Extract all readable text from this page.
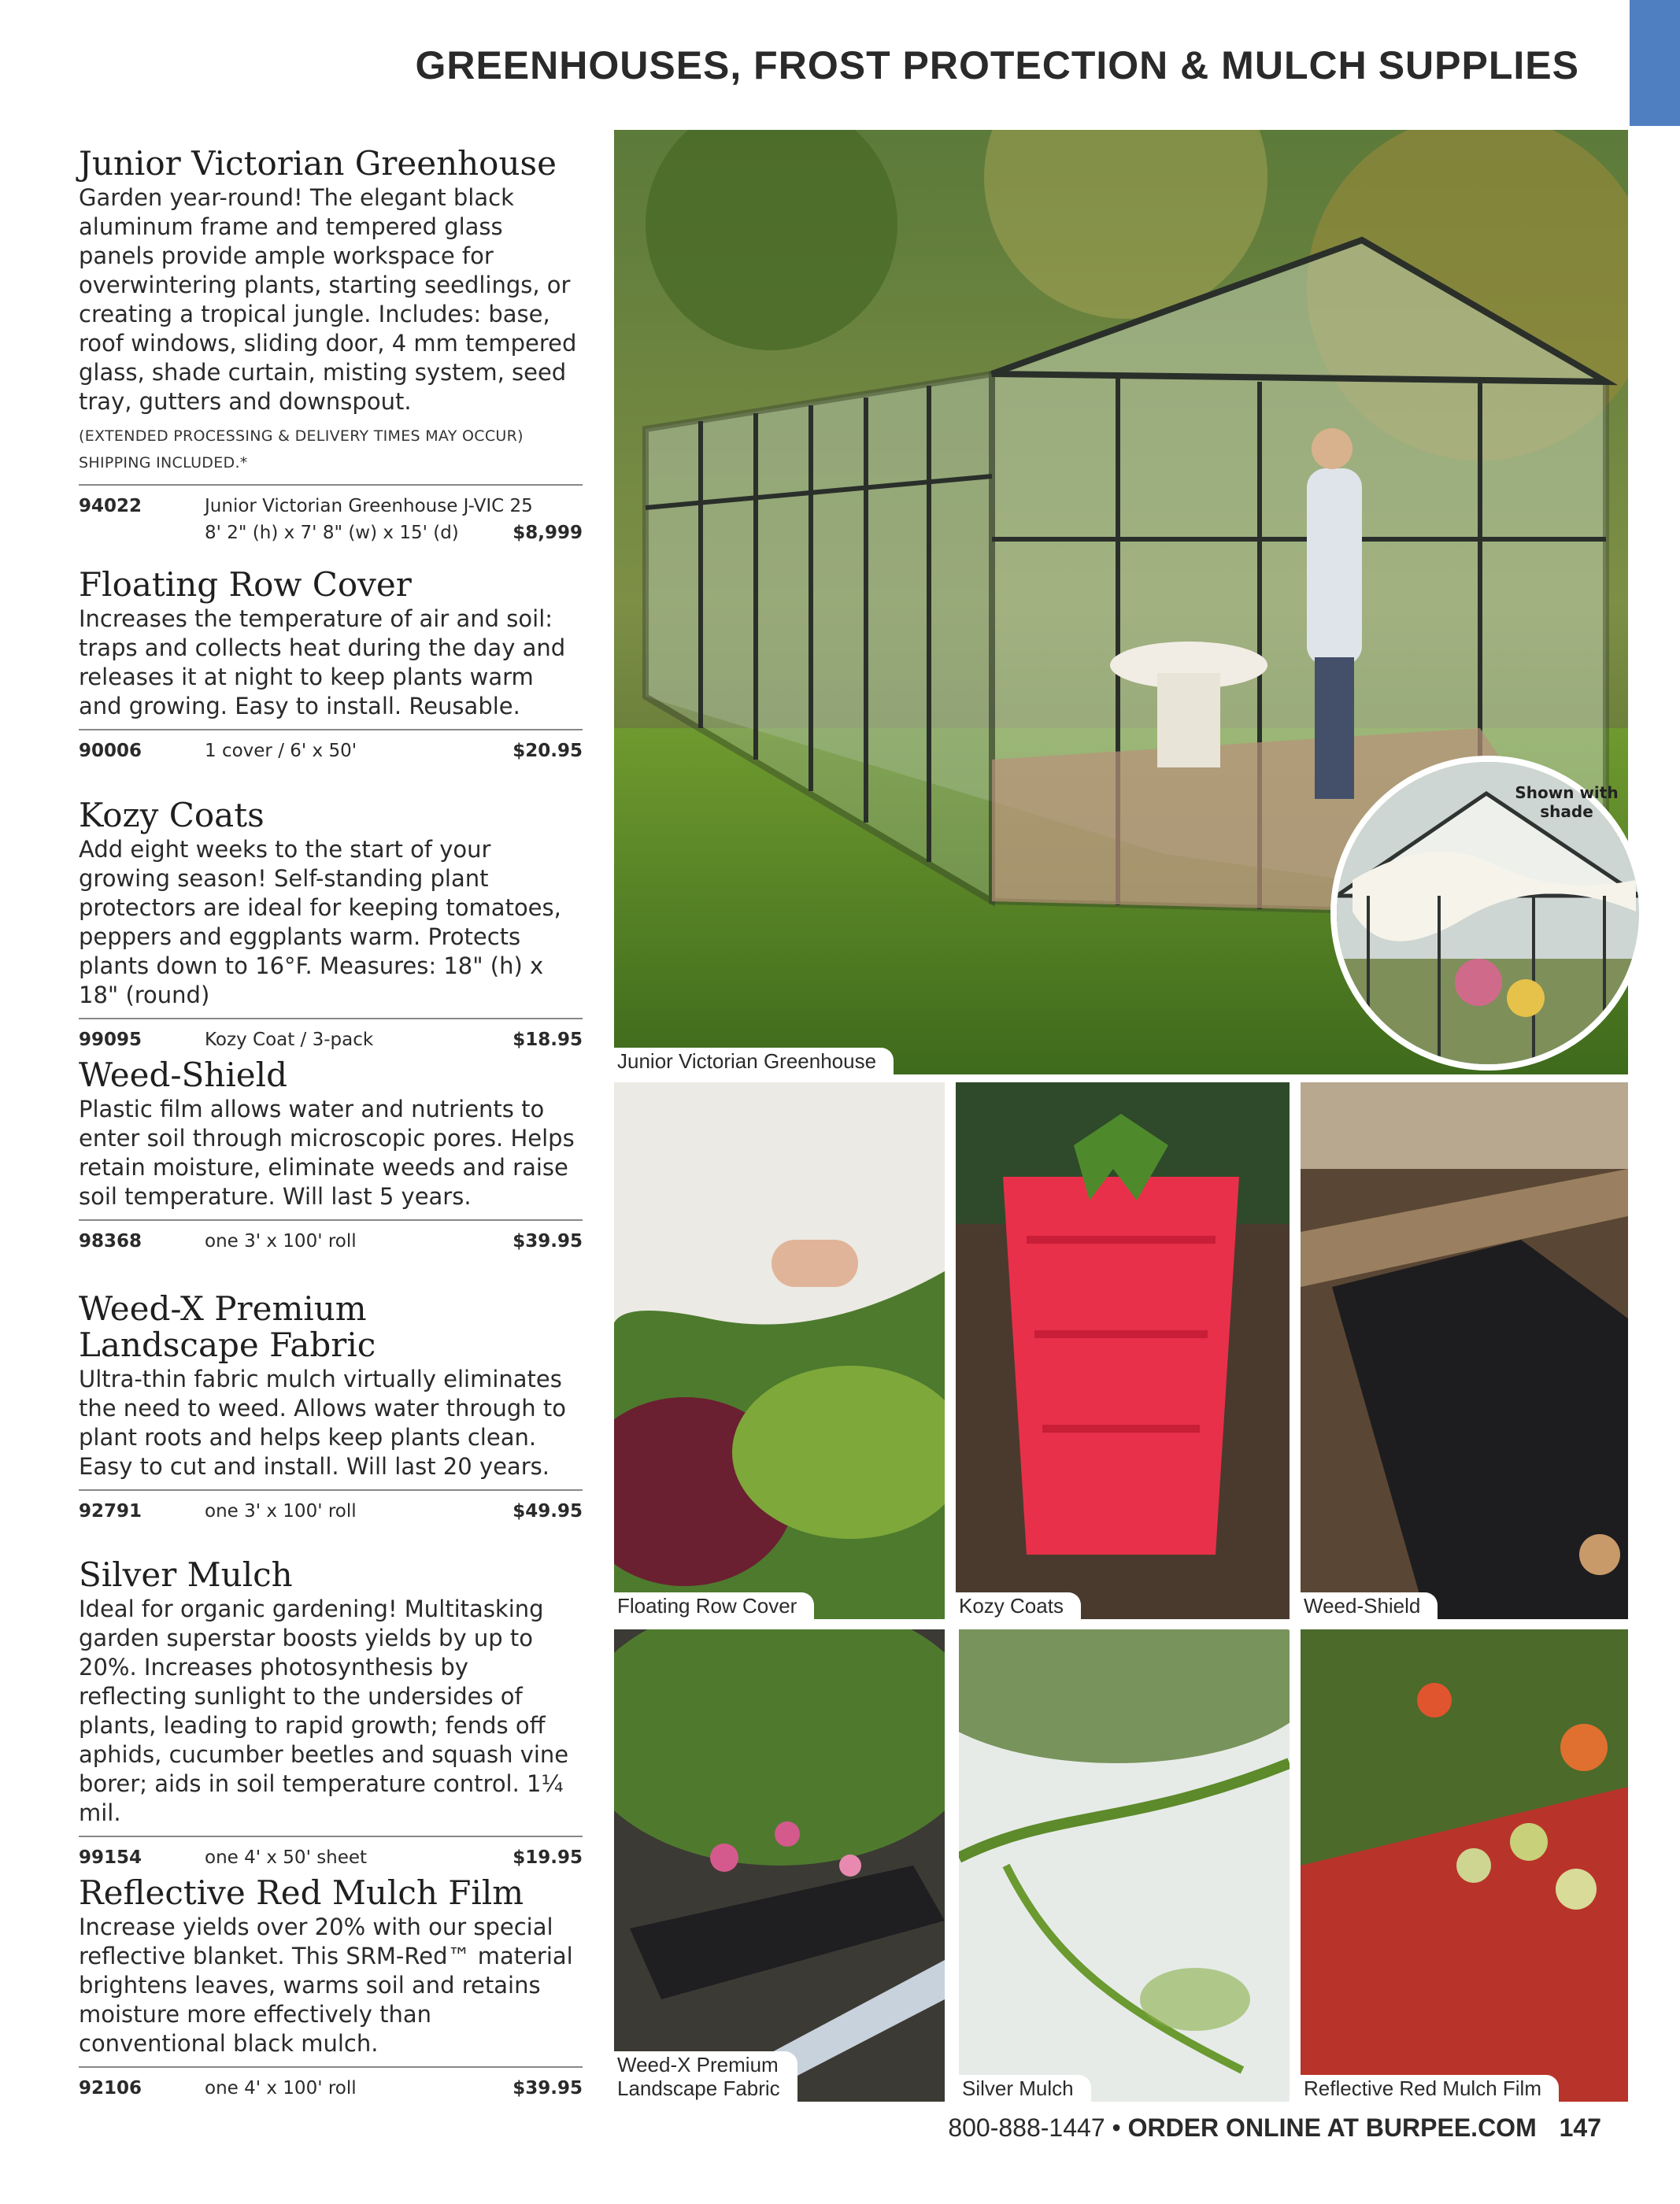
GREENHOUSES, FROST PROTECTION & MULCH SUPPLIES
Junior Victorian Greenhouse

Garden year-round! The elegant black aluminum frame and tempered glass panels provide ample workspace for overwintering plants, starting seedlings, or creating a tropical jungle. Includes: base, roof windows, sliding door, 4 mm tempered glass, shade curtain, misting system, seed tray, gutters and downspout.

(EXTENDED PROCESSING & DELIVERY TIMES MAY OCCUR) SHIPPING INCLUDED.*

94022	Junior Victorian Greenhouse J-VIC 25
8' 2" (h) x 7' 8" (w) x 15' (d)	$8,999
Floating Row Cover

Increases the temperature of air and soil: traps and collects heat during the day and releases it at night to keep plants warm and growing. Easy to install. Reusable.

90006	1 cover / 6' x 50'	$20.95
Kozy Coats

Add eight weeks to the start of your growing season! Self-standing plant protectors are ideal for keeping tomatoes, peppers and eggplants warm. Protects plants down to 16°F. Measures: 18" (h) x 18" (round)

99095	Kozy Coat / 3-pack	$18.95
Weed-Shield

Plastic film allows water and nutrients to enter soil through microscopic pores. Helps retain moisture, eliminate weeds and raise soil temperature. Will last 5 years.

98368	one 3' x 100' roll	$39.95
Weed-X Premium
Landscape Fabric

Ultra-thin fabric mulch virtually eliminates the need to weed. Allows water through to plant roots and helps keep plants clean. Easy to cut and install. Will last 20 years.

92791	one 3' x 100' roll	$49.95
Silver Mulch

Ideal for organic gardening! Multitasking garden superstar boosts yields by up to 20%. Increases photosynthesis by reflecting sunlight to the undersides of plants, leading to rapid growth; fends off aphids, cucumber beetles and squash vine borer; aids in soil temperature control. 1¼ mil.

99154	one 4' x 50' sheet	$19.95
Reflective Red Mulch Film

Increase yields over 20% with our special reflective blanket. This SRM-Red™ material brightens leaves, warms soil and retains moisture more effectively than conventional black mulch.

92106	one 4' x 100' roll	$39.95
Junior Victorian Greenhouse
Shown with shade
Floating Row Cover	Kozy Coats	Weed-Shield
Weed-X Premium
Landscape Fabric	Silver Mulch	Reflective Red Mulch Film
800-888-1447 • ORDER ONLINE AT BURPEE.COM 147
